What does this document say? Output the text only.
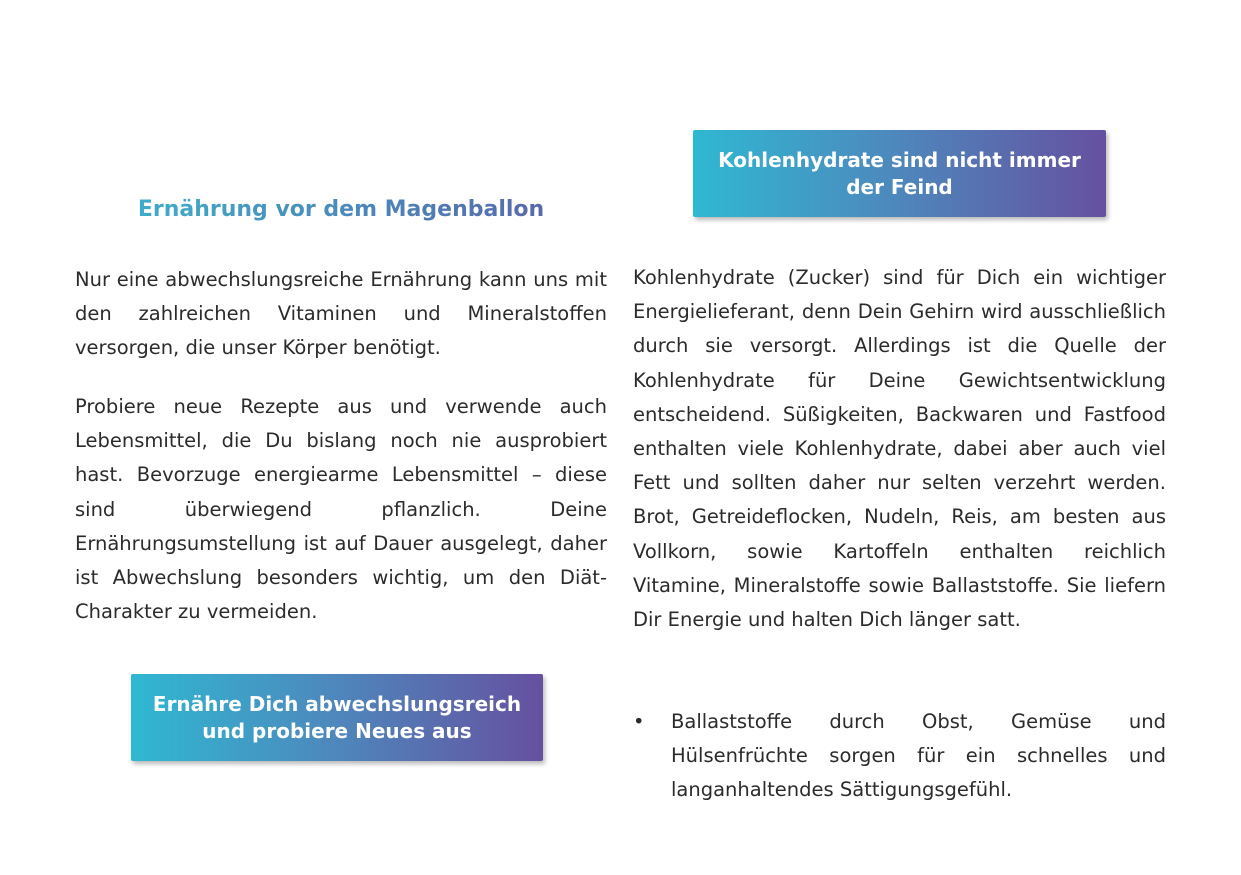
Ernährung vor dem Magenballon

Nur eine abwechslungsreiche Ernährung kann uns mit den zahlreichen Vitaminen und Mineralstoffen versorgen, die unser Körper benötigt.

Probiere neue Rezepte aus und verwende auch Lebensmittel, die Du bislang noch nie ausprobiert hast. Bevorzuge energiearme Lebensmittel – diese sind überwiegend pflanzlich. Deine Ernährungsumstellung ist auf Dauer ausgelegt, daher ist Abwechslung besonders wichtig, um den Diät-Charakter zu vermeiden.

Ernähre Dich abwechslungsreich und probiere Neues aus
Kohlenhydrate sind nicht immer der Feind

Kohlenhydrate (Zucker) sind für Dich ein wichtiger Energielieferant, denn Dein Gehirn wird ausschließlich durch sie versorgt. Allerdings ist die Quelle der Kohlenhydrate für Deine Gewichtsentwicklung entscheidend. Süßigkeiten, Backwaren und Fastfood enthalten viele Kohlenhydrate, dabei aber auch viel Fett und sollten daher nur selten verzehrt werden. Brot, Getreideflocken, Nudeln, Reis, am besten aus Vollkorn, sowie Kartoffeln enthalten reichlich Vitamine, Mineralstoffe sowie Ballaststoffe. Sie liefern Dir Energie und halten Dich länger satt.

•	Ballaststoffe durch Obst, Gemüse und Hülsenfrüchte sorgen für ein schnelles und langanhaltendes Sättigungsgefühl.
